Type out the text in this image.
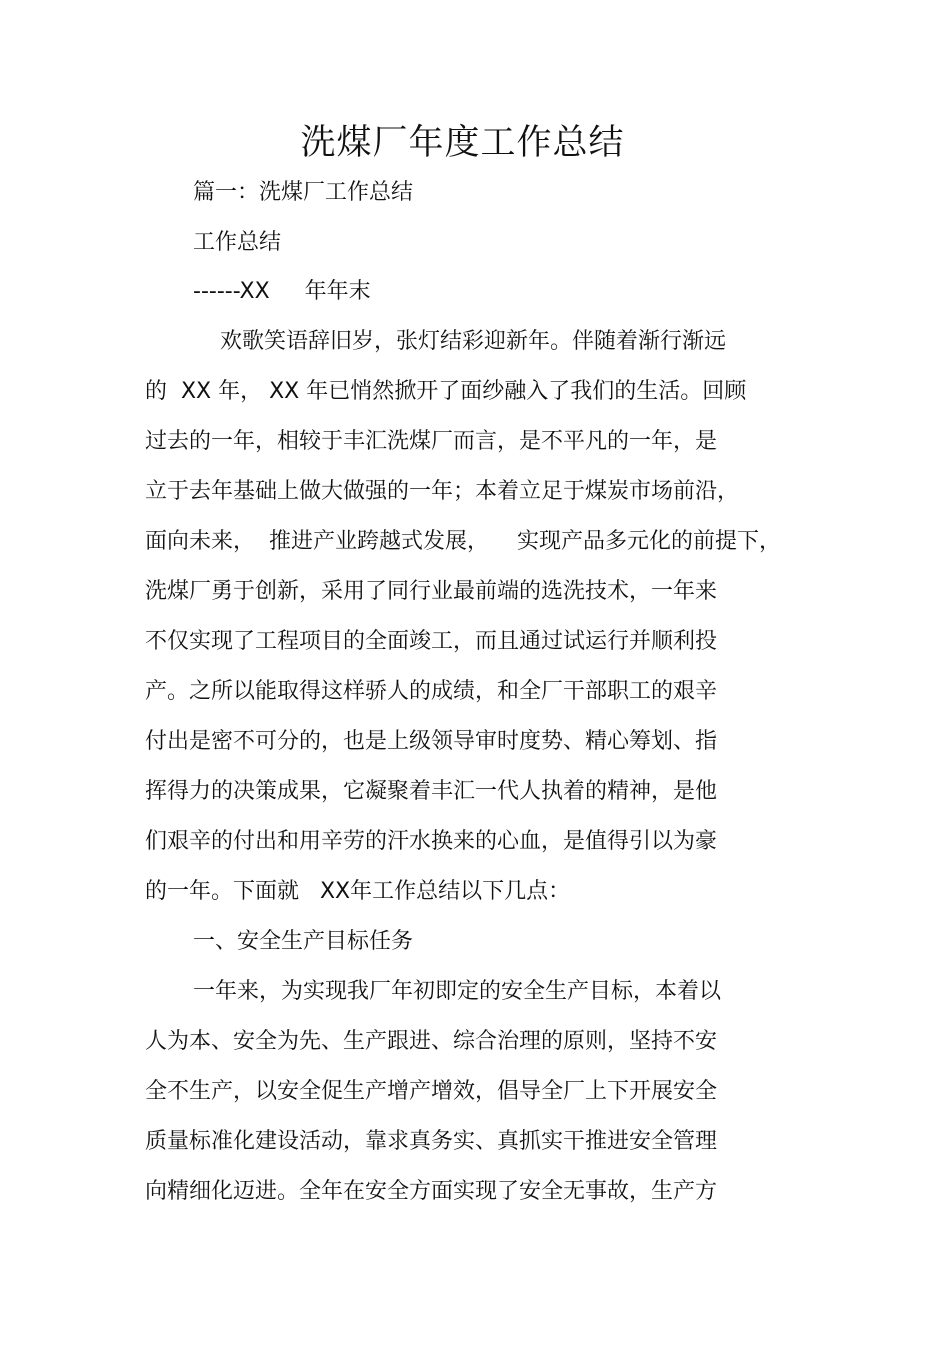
洗煤厂年度工作总结
篇一：洗煤厂工作总结
工作总结
------XX     年年末
欢歌笑语辞旧岁，张灯结彩迎新年。伴随着渐行渐远
的  XX 年， XX 年已悄然掀开了面纱融入了我们的生活。回顾
过去的一年，相较于丰汇洗煤厂而言，是不平凡的一年，是
立于去年基础上做大做强的一年；本着立足于煤炭市场前沿，
面向未来，  推进产业跨越式发展，    实现产品多元化的前提下，
洗煤厂勇于创新，采用了同行业最前端的选洗技术，一年来
不仅实现了工程项目的全面竣工，而且通过试运行并顺利投
产。之所以能取得这样骄人的成绩，和全厂干部职工的艰辛
付出是密不可分的，也是上级领导审时度势、精心筹划、指
挥得力的决策成果，它凝聚着丰汇一代人执着的精神，是他
们艰辛的付出和用辛劳的汗水换来的心血，是值得引以为豪
的一年。下面就   XX年工作总结以下几点：
一、安全生产目标任务
一年来，为实现我厂年初即定的安全生产目标，本着以
人为本、安全为先、生产跟进、综合治理的原则，坚持不安
全不生产，以安全促生产增产增效，倡导全厂上下开展安全
质量标准化建设活动，靠求真务实、真抓实干推进安全管理
向精细化迈进。全年在安全方面实现了安全无事故，生产方
